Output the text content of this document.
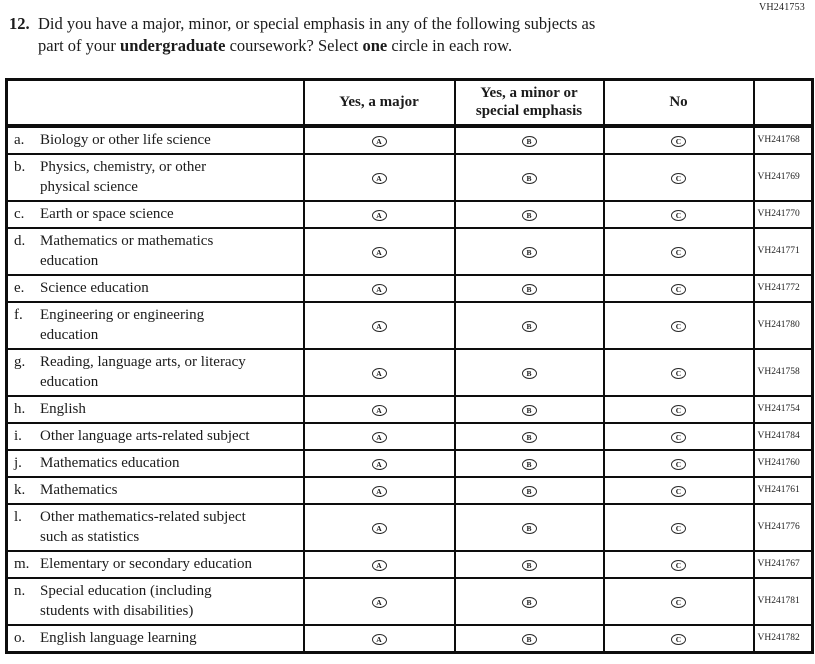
VH241753
12. Did you have a major, minor, or special emphasis in any of the following subjects as
part of your undergraduate coursework? Select one circle in each row.
	Yes, a major	Yes, a minor or special emphasis	No	

a. Biology or other life science	A	B	C	VH241768

b. Physics, chemistry, or other physical science	A	B	C	VH241769

c. Earth or space science	A	B	C	VH241770

d. Mathematics or mathematics education	A	B	C	VH241771

e. Science education	A	B	C	VH241772

f. Engineering or engineering education	A	B	C	VH241780

g. Reading, language arts, or literacy education	A	B	C	VH241758

h. English	A	B	C	VH241754

i. Other language arts-related subject	A	B	C	VH241784

j. Mathematics education	A	B	C	VH241760

k. Mathematics	A	B	C	VH241761

l. Other mathematics-related subject such as statistics	A	B	C	VH241776

m. Elementary or secondary education	A	B	C	VH241767

n. Special education (including students with disabilities)	A	B	C	VH241781

o. English language learning	A	B	C	VH241782
